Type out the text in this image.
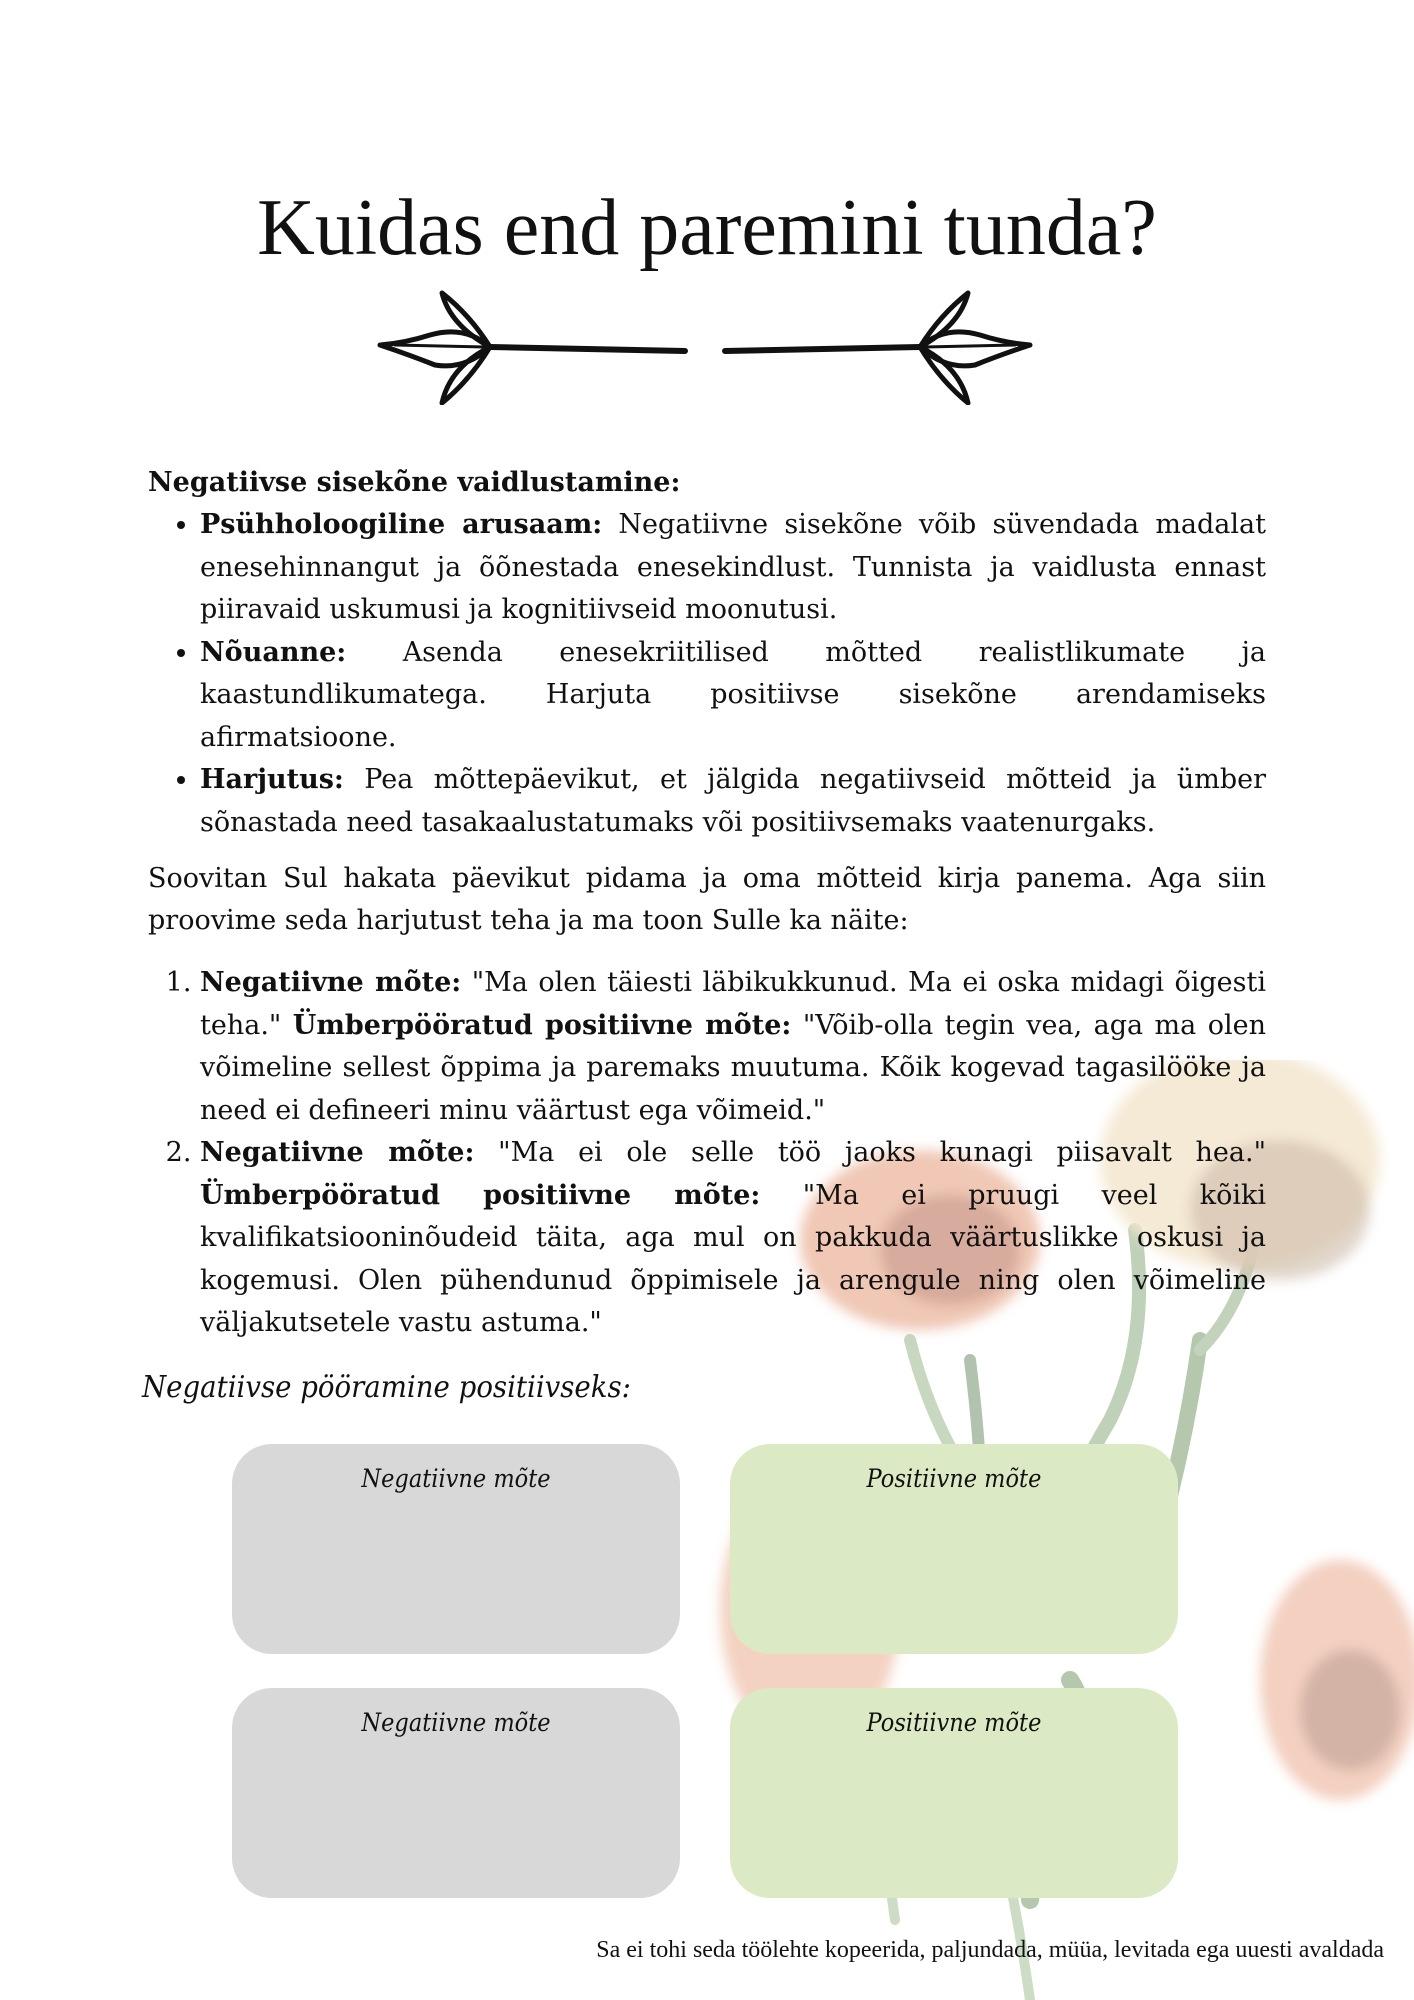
Kuidas end paremini tunda?
Negatiivse sisekõne vaidlustamine:
• Psühholoogiline arusaam: Negatiivne sisekõne võib süvendada madalat enesehinnangut ja õõnestada enesekindlust. Tunnista ja vaidlusta ennast piiravaid uskumusi ja kognitiivseid moonutusi.
• Nõuanne: Asenda enesekriitilised mõtted realistlikumate ja kaastundlikumatega. Harjuta positiivse sisekõne arendamiseks afirmatsioone.
• Harjutus: Pea mõttepäevikut, et jälgida negatiivseid mõtteid ja ümber sõnastada need tasakaalustatumaks või positiivsemaks vaatenurgaks.
Soovitan Sul hakata päevikut pidama ja oma mõtteid kirja panema. Aga siin proovime seda harjutust teha ja ma toon Sulle ka näite:
1. Negatiivne mõte: "Ma olen täiesti läbikukkunud. Ma ei oska midagi õigesti teha." Ümberpööratud positiivne mõte: "Võib-olla tegin vea, aga ma olen võimeline sellest õppima ja paremaks muutuma. Kõik kogevad tagasilööke ja need ei defineeri minu väärtust ega võimeid."
2. Negatiivne mõte: "Ma ei ole selle töö jaoks kunagi piisavalt hea." Ümberpööratud positiivne mõte: "Ma ei pruugi veel kõiki kvalifikatsiooninõudeid täita, aga mul on pakkuda väärtuslikke oskusi ja kogemusi. Olen pühendunud õppimisele ja arengule ning olen võimeline väljakutsetele vastu astuma."
Negatiivse pööramine positiivseks:
Negatiivne mõte	Positiivne mõte
Negatiivne mõte	Positiivne mõte
Sa ei tohi seda töölehte kopeerida, paljundada, müüa, levitada ega uuesti avaldada
